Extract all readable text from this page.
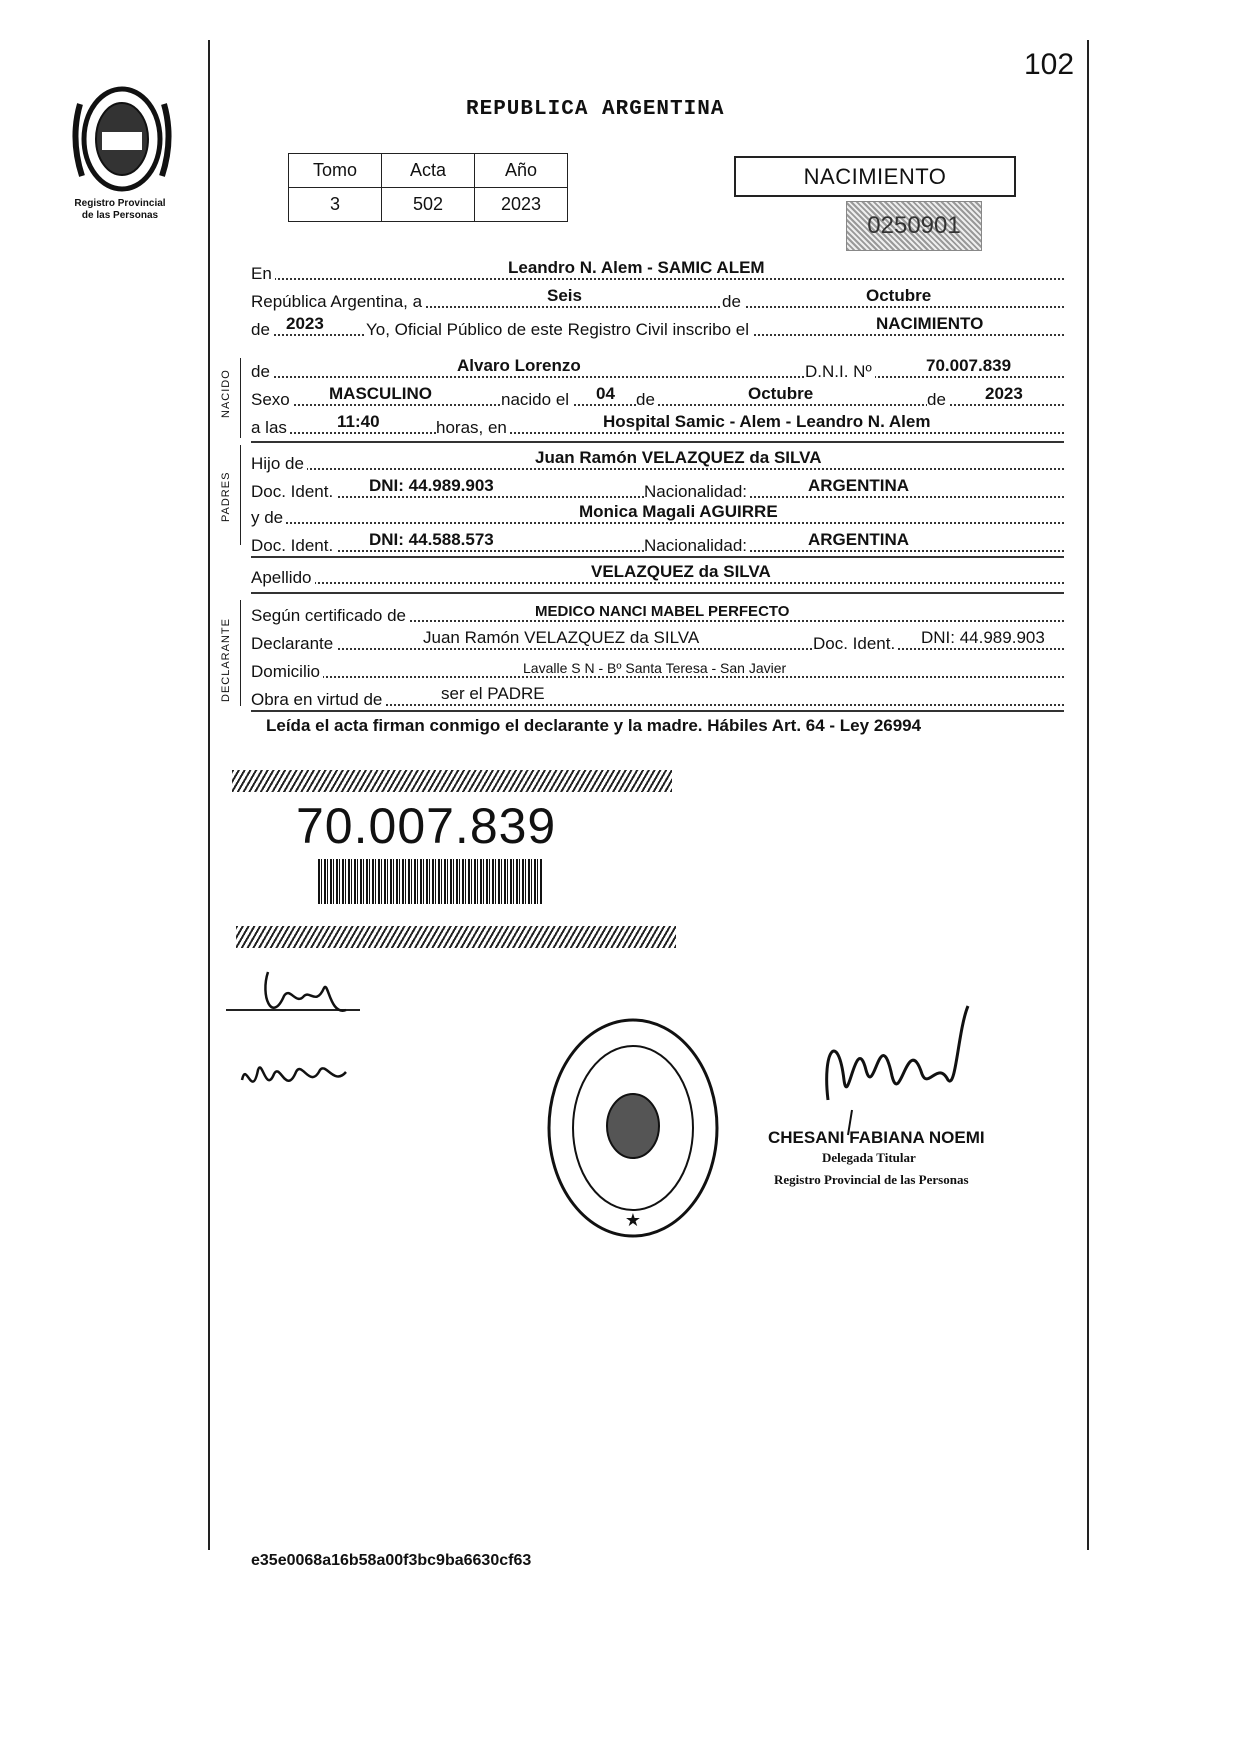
102
Registro Provincial
de las Personas
REPUBLICA ARGENTINA
Tomo	Acta	Año
3	502	2023
NACIMIENTO
0250901
NACIDO
PADRES
DECLARANTE
En	Leandro N. Alem - SAMIC ALEM
República Argentina, a	Seis	de	Octubre
de 2023 Yo, Oficial Público de este Registro Civil inscribo el	NACIMIENTO
de	Alvaro Lorenzo	D.N.I. Nº	70.007.839
Sexo MASCULINO	nacido el 04 de	Octubre	de 2023
a las	11:40	horas, en	Hospital Samic - Alem - Leandro N. Alem
Hijo de	Juan Ramón VELAZQUEZ da SILVA
Doc. Ident. DNI: 44.989.903	Nacionalidad:	ARGENTINA
y de	Monica Magali AGUIRRE
Doc. Ident. DNI: 44.588.573	Nacionalidad:	ARGENTINA
Apellido	VELAZQUEZ da SILVA
Según certificado de	MEDICO NANCI MABEL PERFECTO
Declarante	Juan Ramón VELAZQUEZ da SILVA	Doc. Ident. DNI: 44.989.903
Domicilio	Lavalle S N - Bº Santa Teresa - San Javier
Obra en virtud de	ser el PADRE
Leída el acta firman conmigo el declarante y la madre. Hábiles Art. 64 - Ley 26994
70.007.839
★
CHESANI FABIANA NOEMI
Delegada Titular
Registro Provincial de las Personas
e35e0068a16b58a00f3bc9ba6630cf63
